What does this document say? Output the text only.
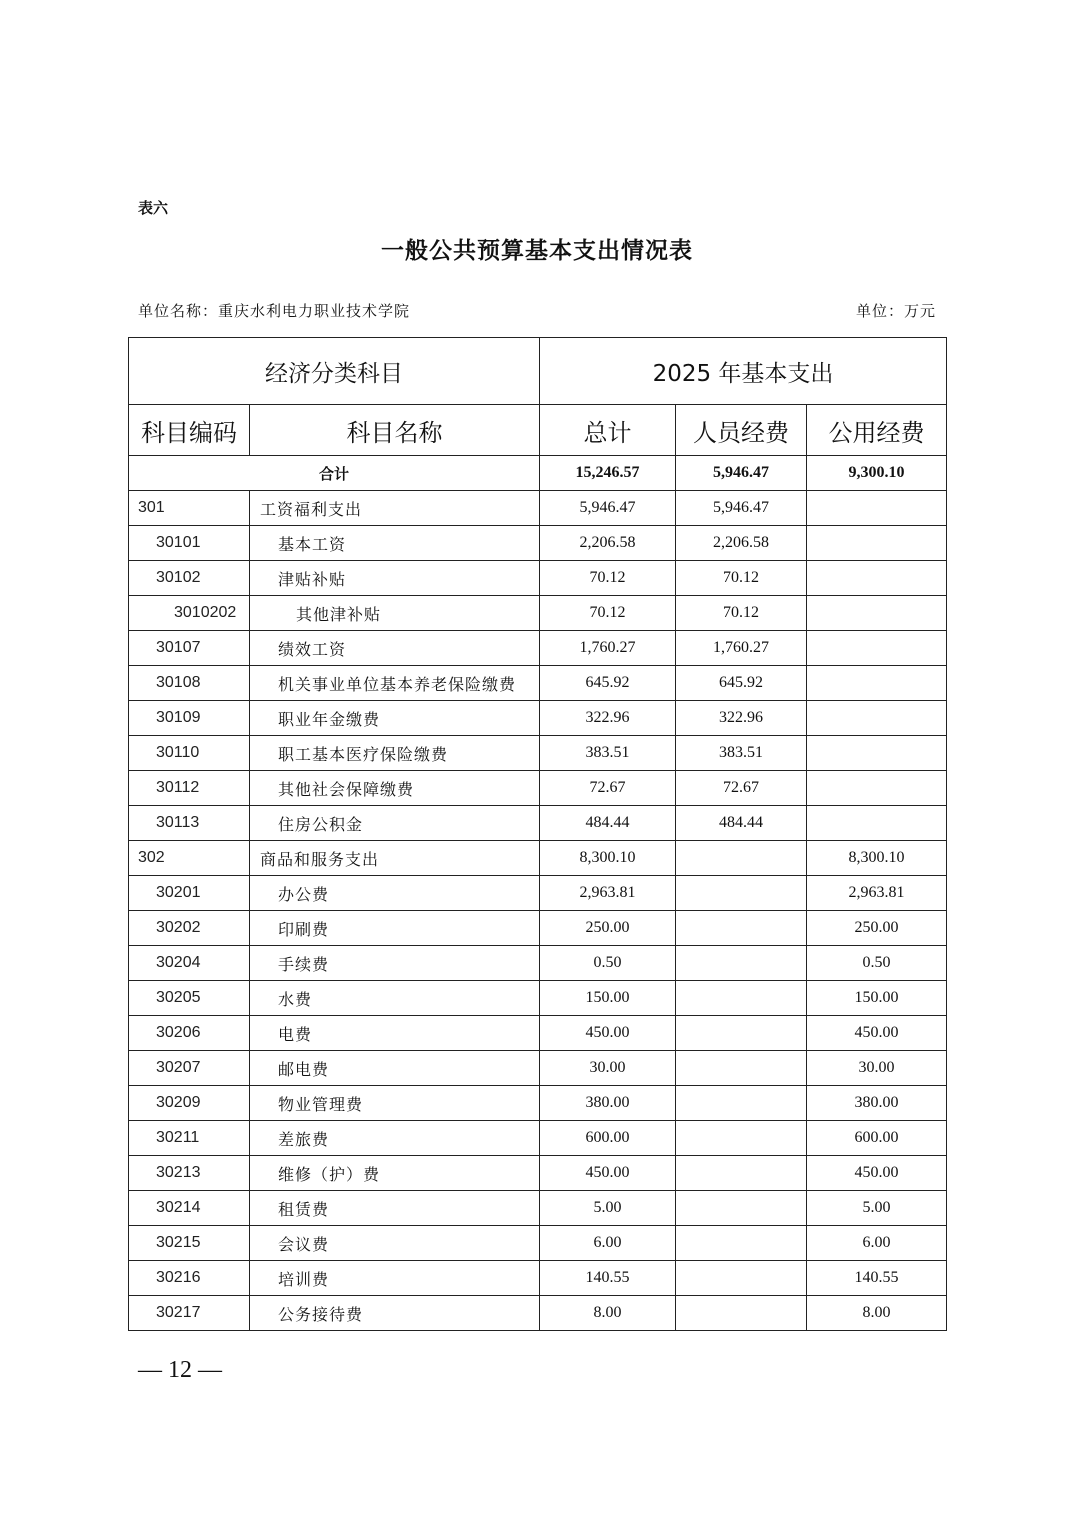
表六
一般公共预算基本支出情况表
单位名称：重庆水利电力职业技术学院	单位：万元
经济分类科目		2025 年基本支出		
科目编码	科目名称	总计	人员经费	公用经费
合计		15,246.57	5,946.47	9,300.10
301	工资福利支出	5,946.47	5,946.47	
30101	基本工资	2,206.58	2,206.58	
30102	津贴补贴	70.12	70.12	
3010202	其他津补贴	70.12	70.12	
30107	绩效工资	1,760.27	1,760.27	
30108	机关事业单位基本养老保险缴费	645.92	645.92	
30109	职业年金缴费	322.96	322.96	
30110	职工基本医疗保险缴费	383.51	383.51	
30112	其他社会保障缴费	72.67	72.67	
30113	住房公积金	484.44	484.44	
302	商品和服务支出	8,300.10		8,300.10
30201	办公费	2,963.81		2,963.81
30202	印刷费	250.00		250.00
30204	手续费	0.50		0.50
30205	水费	150.00		150.00
30206	电费	450.00		450.00
30207	邮电费	30.00		30.00
30209	物业管理费	380.00		380.00
30211	差旅费	600.00		600.00
30213	维修（护）费	450.00		450.00
30214	租赁费	5.00		5.00
30215	会议费	6.00		6.00
30216	培训费	140.55		140.55
30217	公务接待费	8.00		8.00
— 12 —
